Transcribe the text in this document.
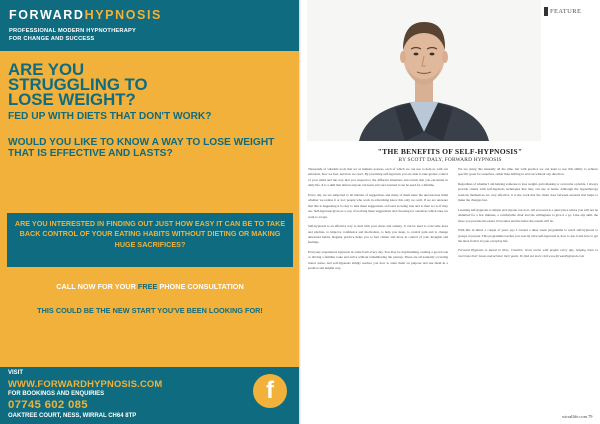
FORWARDHYPNOSIS
PROFESSIONAL MODERN HYPNOTHERAPY
FOR CHANGE AND SUCCESS
ARE YOU
STRUGGLING TO
LOSE WEIGHT?
FED UP WITH DIETS THAT DON'T WORK?
WOULD YOU LIKE TO KNOW A WAY TO LOSE WEIGHT THAT IS EFFECTIVE AND LASTS?
ARE YOU INTERESTED IN FINDING OUT JUST HOW EASY IT CAN BE TO TAKE BACK CONTROL OF YOUR EATING HABITS WITHOUT DIETING OR MAKING HUGE SACRIFICES?
CALL NOW FOR YOUR FREE PHONE CONSULTATION
THIS COULD BE THE NEW START YOU'VE BEEN LOOKING FOR!
VISIT
WWW.FORWARDHYPNOSIS.COM
FOR BOOKINGS AND ENQUIRIES
07745 602 085
OAKTREE COURT, NESS, WIRRAL CH64 8TP
f
FEATURE
"THE BENEFITS OF SELF-HYPNOSIS"
BY SCOTT DALY, FORWARD HYPNOSIS

Thousands of valuable tools that we as humans possess, each of which we can use to help us with our emotions, how we feel, and how we react. By practising self-hypnosis you are able to take greater control of your mind and the way that you respond to the different situations and events that you encounter in daily life. It is a skill that almost anyone can learn and once learned it can be used for a lifetime.

Every day we are subjected to all manner of suggestions and many of them enter the unconscious mind whether we realise it or not; people who work in advertising know this only too well. If we are unaware that this is happening it is easy to take these suggestions on board as being true and to then act as if they are. Self-hypnosis gives us a way of noticing these suggestions and choosing for ourselves which ones we want to accept.

Self-hypnosis is an effective way to deal with your stress and anxiety. It can be used to overcome fears and phobias, to improve confidence and motivation, to help you sleep, to control pain and to change unwanted habits. Regular practice helps you to feel calmer and more in control of your thoughts and feelings.

Everyone experiences hypnosis in some form every day. You may be daydreaming, reading a good book or driving a familiar route and arrive without remembering the journey. These are all naturally occurring trance states, and self-hypnosis simply teaches you how to enter them on purpose and use them in a positive and helpful way.

We are doing this naturally all the time, but with practice we can learn to use this ability to achieve specific goals for ourselves, rather than drifting in and out without any direction.

Regardless of whether I am helping someone to lose weight, quit smoking or overcome a phobia, I always provide clients with self-hypnosis techniques that they can use at home. Although the hypnotherapy sessions themselves are very effective, it is the work that the client does between sessions that helps to make the changes last.

Learning self-hypnosis is simple and anyone can do it. All you need is a quiet place where you will not be disturbed for a few minutes, a comfortable chair and the willingness to give it a go. Like any skill, the more you practise the easier it becomes and the better the results will be.

With this in mind, a couple of years ago I created a three week programme to teach self-hypnosis to groups of people. This programme teaches you exactly what self-hypnosis is, how to use it and how to get the most from it in your everyday life.

Forward Hypnosis is based in Ness, Cheshire. Scott works with people every day, helping them to overcome their issues and achieve their goals. To find out more visit www.forwardhypnosis.com

wirrallife.com 79
